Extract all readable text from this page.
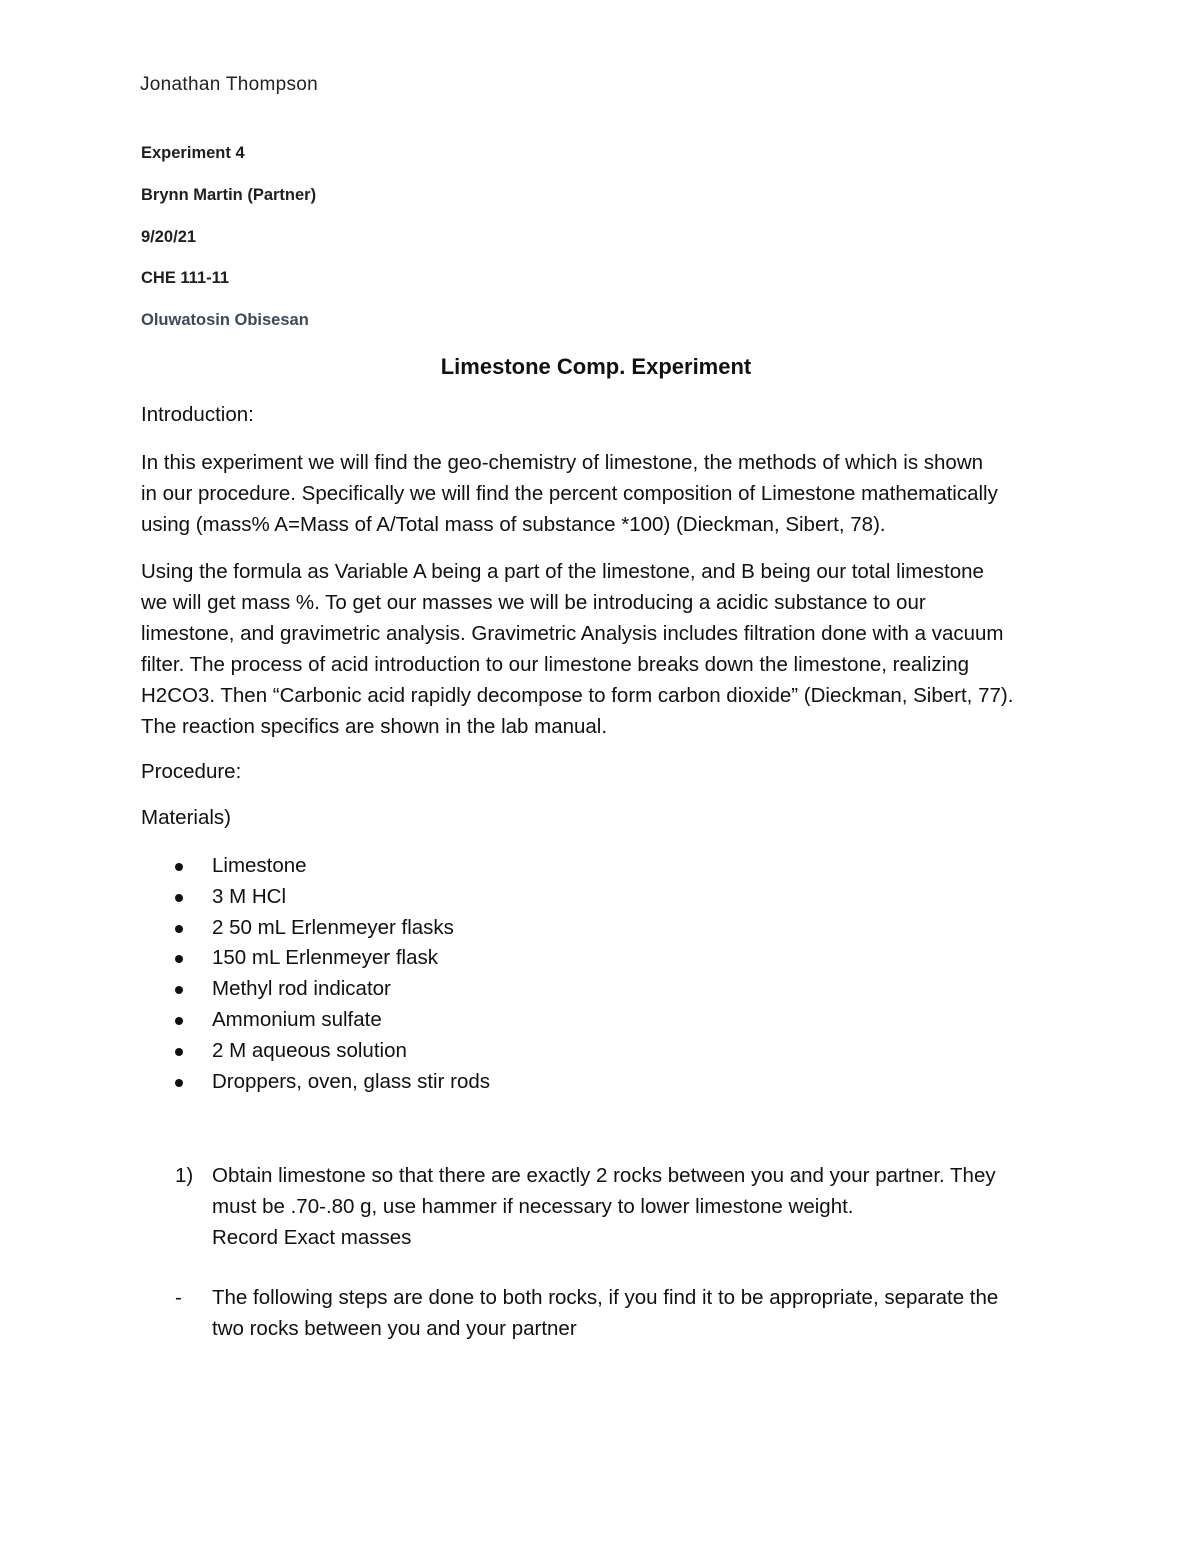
Jonathan Thompson
Experiment 4
Brynn Martin (Partner)
9/20/21
CHE 111-11
Oluwatosin Obisesan
Limestone Comp. Experiment
Introduction:
In this experiment we will find the geo-chemistry of limestone, the methods of which is shown
in our procedure. Specifically we will find the percent composition of Limestone mathematically
using (mass% A=Mass of A/Total mass of substance *100) (Dieckman, Sibert, 78).
Using the formula as Variable A being a part of the limestone, and B being our total limestone
we will get mass %. To get our masses we will be introducing a acidic substance to our
limestone, and gravimetric analysis. Gravimetric Analysis includes filtration done with a vacuum
filter. The process of acid introduction to our limestone breaks down the limestone, realizing
H2CO3. Then “Carbonic acid rapidly decompose to form carbon dioxide” (Dieckman, Sibert, 77).
The reaction specifics are shown in the lab manual.
Procedure:
Materials)
Limestone
3 M HCl
2 50 mL Erlenmeyer flasks
150 mL Erlenmeyer flask
Methyl rod indicator
Ammonium sulfate
2 M aqueous solution
Droppers, oven, glass stir rods
1) Obtain limestone so that there are exactly 2 rocks between you and your partner. They
must be .70-.80 g, use hammer if necessary to lower limestone weight.
Record Exact masses
- The following steps are done to both rocks, if you find it to be appropriate, separate the
two rocks between you and your partner
